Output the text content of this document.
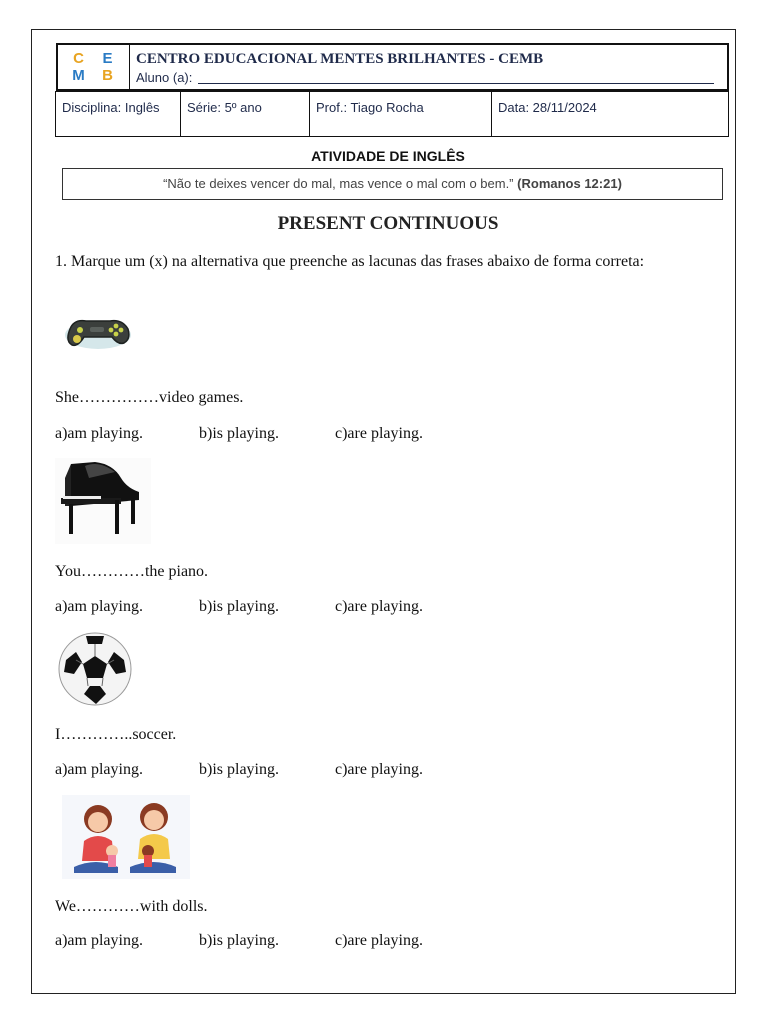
C	E
M	B
CENTRO EDUCACIONAL MENTES BRILHANTES - CEMB
Aluno (a):
Disciplina: Inglês	Série: 5º ano	Prof.: Tiago Rocha	Data: 28/11/2024
ATIVIDADE DE INGLÊS
“Não te deixes vencer do mal, mas vence o mal com o bem.” (Romanos 12:21)
PRESENT CONTINUOUS
1. Marque um (x) na alternativa que preenche as lacunas das frases abaixo de forma correta:
She……………video games.
a)am playing.	b)is playing.	c)are playing.
You…………the piano.
a)am playing.	b)is playing.	c)are playing.
I…………..soccer.
a)am playing.	b)is playing.	c)are playing.
We…………with dolls.
a)am playing.	b)is playing.	c)are playing.
